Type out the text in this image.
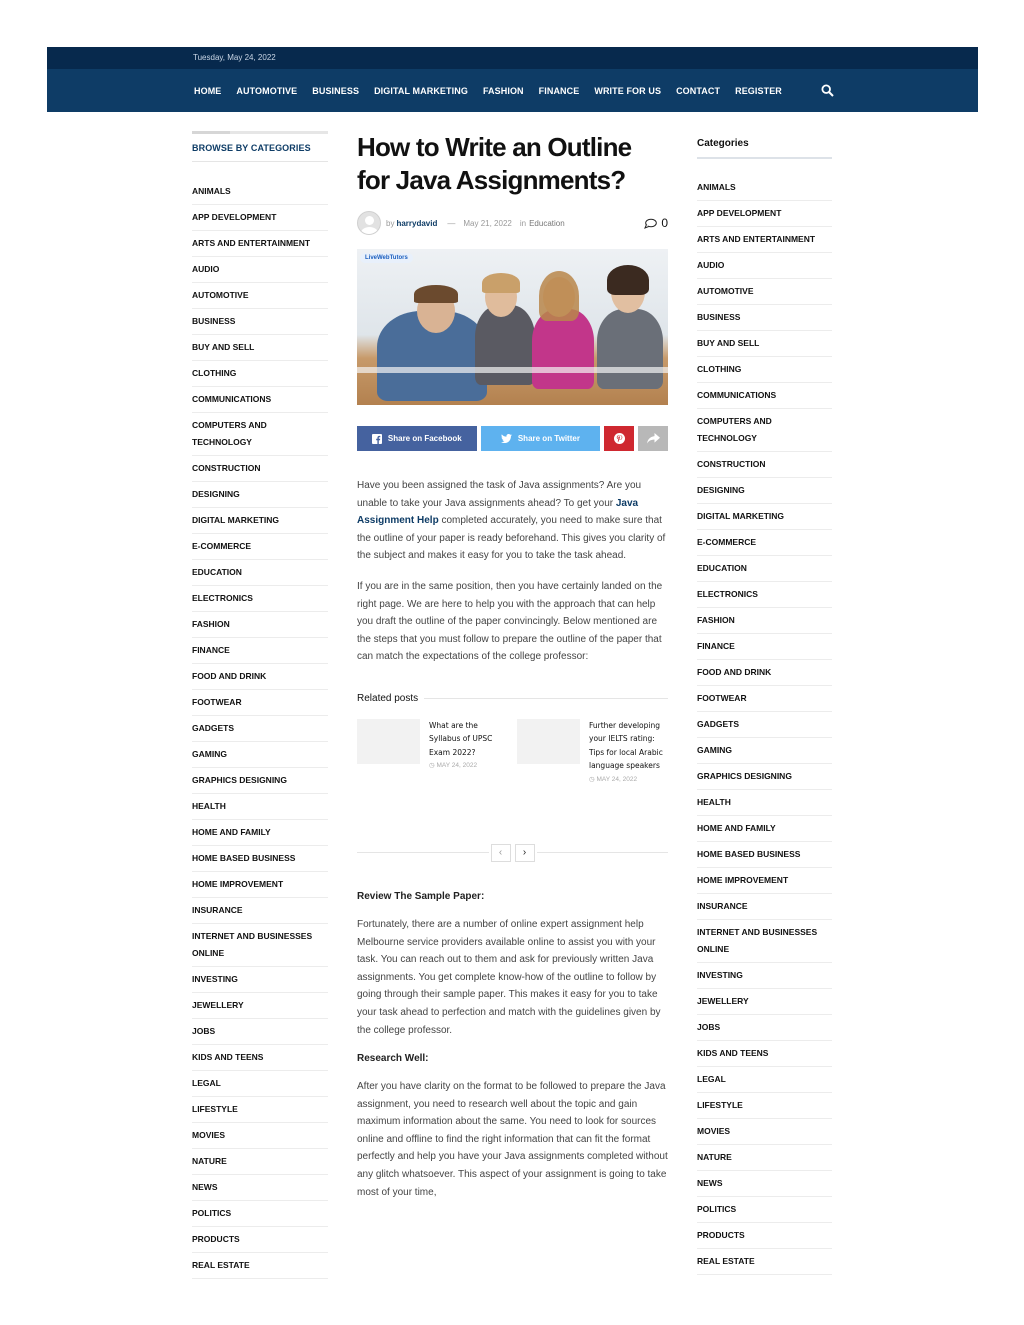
Tuesday, May 24, 2022
HOME AUTOMOTIVE BUSINESS DIGITAL MARKETING FASHION FINANCE WRITE FOR US CONTACT REGISTER
BROWSE BY CATEGORIES
ANIMALS
APP DEVELOPMENT
ARTS AND ENTERTAINMENT
AUDIO
AUTOMOTIVE
BUSINESS
BUY AND SELL
CLOTHING
COMMUNICATIONS
COMPUTERS AND TECHNOLOGY
CONSTRUCTION
DESIGNING
DIGITAL MARKETING
E-COMMERCE
EDUCATION
ELECTRONICS
FASHION
FINANCE
FOOD AND DRINK
FOOTWEAR
GADGETS
GAMING
GRAPHICS DESIGNING
HEALTH
HOME AND FAMILY
HOME BASED BUSINESS
HOME IMPROVEMENT
INSURANCE
INTERNET AND BUSINESSES ONLINE
INVESTING
JEWELLERY
JOBS
KIDS AND TEENS
LEGAL
LIFESTYLE
MOVIES
NATURE
NEWS
POLITICS
PRODUCTS
REAL ESTATE
How to Write an Outline for Java Assignments?
by harrydavid — May 21, 2022 in Education	0
LiveWebTutors
Share on Facebook	Share on Twitter

Have you been assigned the task of Java assignments? Are you unable to take your Java assignments ahead? To get your Java Assignment Help completed accurately, you need to make sure that the outline of your paper is ready beforehand. This gives you clarity of the subject and makes it easy for you to take the task ahead.

If you are in the same position, then you have certainly landed on the right page. We are here to help you with the approach that can help you draft the outline of the paper convincingly. Below mentioned are the steps that you must follow to prepare the outline of the paper that can match the expectations of the college professor:

Related posts
What are the Syllabus of UPSC Exam 2022?
◷ MAY 24, 2022
Further developing your IELTS rating: Tips for local Arabic language speakers
◷ MAY 24, 2022
‹	›
Review The Sample Paper:

Fortunately, there are a number of online expert assignment help Melbourne service providers available online to assist you with your task. You can reach out to them and ask for previously written Java assignments. You get complete know-how of the outline to follow by going through their sample paper. This makes it easy for you to take your task ahead to perfection and match with the guidelines given by the college professor.

Research Well:

After you have clarity on the format to be followed to prepare the Java assignment, you need to research well about the topic and gain maximum information about the same. You need to look for sources online and offline to find the right information that can fit the format perfectly and help you have your Java assignments completed without any glitch whatsoever. This aspect of your assignment is going to take most of your time,

Categories
ANIMALS
APP DEVELOPMENT
ARTS AND ENTERTAINMENT
AUDIO
AUTOMOTIVE
BUSINESS
BUY AND SELL
CLOTHING
COMMUNICATIONS
COMPUTERS AND TECHNOLOGY
CONSTRUCTION
DESIGNING
DIGITAL MARKETING
E-COMMERCE
EDUCATION
ELECTRONICS
FASHION
FINANCE
FOOD AND DRINK
FOOTWEAR
GADGETS
GAMING
GRAPHICS DESIGNING
HEALTH
HOME AND FAMILY
HOME BASED BUSINESS
HOME IMPROVEMENT
INSURANCE
INTERNET AND BUSINESSES ONLINE
INVESTING
JEWELLERY
JOBS
KIDS AND TEENS
LEGAL
LIFESTYLE
MOVIES
NATURE
NEWS
POLITICS
PRODUCTS
REAL ESTATE
